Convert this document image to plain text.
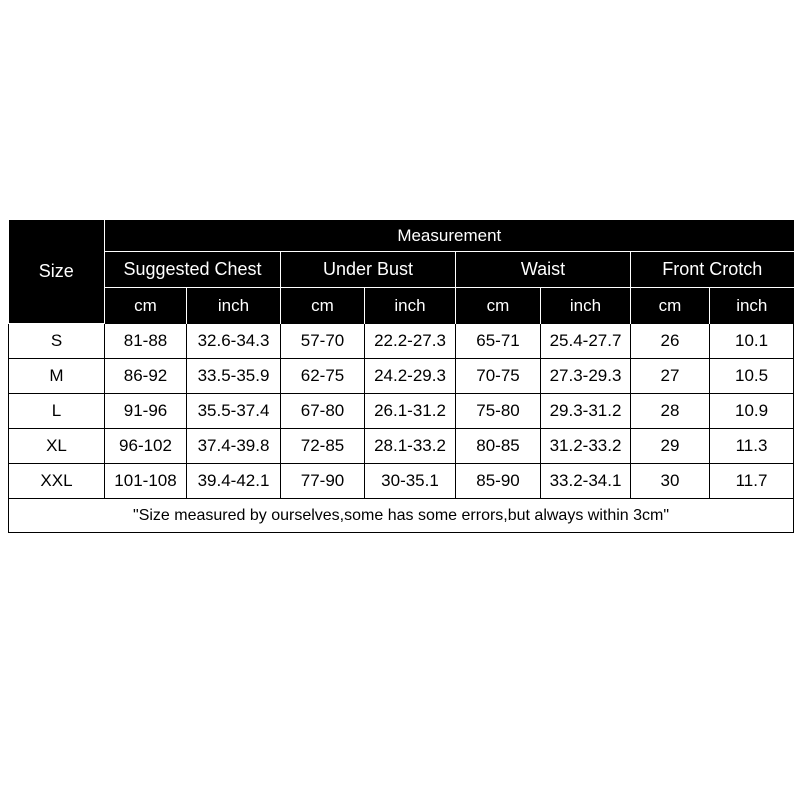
Size	Measurement							
	Suggested Chest		Under Bust		Waist		Front Crotch	
	cm	inch	cm	inch	cm	inch	cm	inch
S	81-88	32.6-34.3	57-70	22.2-27.3	65-71	25.4-27.7	26	10.1
M	86-92	33.5-35.9	62-75	24.2-29.3	70-75	27.3-29.3	27	10.5
L	91-96	35.5-37.4	67-80	26.1-31.2	75-80	29.3-31.2	28	10.9
XL	96-102	37.4-39.8	72-85	28.1-33.2	80-85	31.2-33.2	29	11.3
XXL	101-108	39.4-42.1	77-90	30-35.1	85-90	33.2-34.1	30	11.7
"Size measured by ourselves,some has some errors,but always within 3cm"								
